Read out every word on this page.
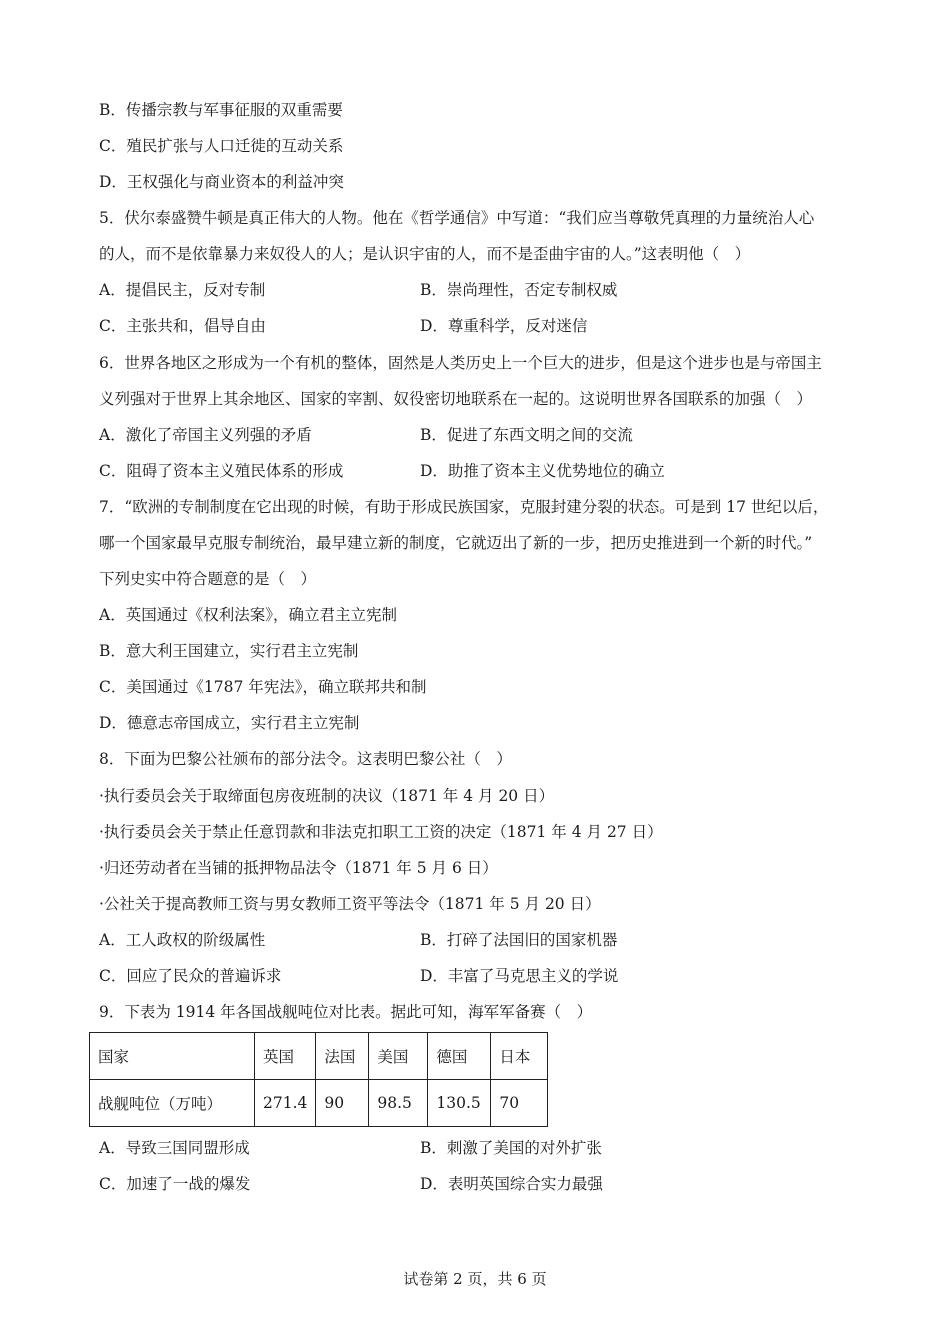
B．传播宗教与军事征服的双重需要
C．殖民扩张与人口迁徙的互动关系
D．王权强化与商业资本的利益冲突
5．伏尔泰盛赞牛顿是真正伟大的人物。他在《哲学通信》中写道：“我们应当尊敬凭真理的力量统治人心
的人，而不是依靠暴力来奴役人的人；是认识宇宙的人，而不是歪曲宇宙的人。”这表明他（　）
A．提倡民主，反对专制	B．崇尚理性，否定专制权威
C．主张共和，倡导自由	D．尊重科学，反对迷信
6．世界各地区之形成为一个有机的整体，固然是人类历史上一个巨大的进步，但是这个进步也是与帝国主
义列强对于世界上其余地区、国家的宰割、奴役密切地联系在一起的。这说明世界各国联系的加强（　）
A．激化了帝国主义列强的矛盾	B．促进了东西文明之间的交流
C．阻碍了资本主义殖民体系的形成	D．助推了资本主义优势地位的确立
7．“欧洲的专制制度在它出现的时候，有助于形成民族国家，克服封建分裂的状态。可是到 17 世纪以后，
哪一个国家最早克服专制统治，最早建立新的制度，它就迈出了新的一步，把历史推进到一个新的时代。”
下列史实中符合题意的是（　）
A．英国通过《权利法案》，确立君主立宪制
B．意大利王国建立，实行君主立宪制
C．美国通过《1787 年宪法》，确立联邦共和制
D．德意志帝国成立，实行君主立宪制
8．下面为巴黎公社颁布的部分法令。这表明巴黎公社（　）
·执行委员会关于取缔面包房夜班制的决议（1871 年 4 月 20 日）
·执行委员会关于禁止任意罚款和非法克扣职工工资的决定（1871 年 4 月 27 日）
·归还劳动者在当铺的抵押物品法令（1871 年 5 月 6 日）
·公社关于提高教师工资与男女教师工资平等法令（1871 年 5 月 20 日）
A．工人政权的阶级属性	B．打碎了法国旧的国家机器
C．回应了民众的普遍诉求	D．丰富了马克思主义的学说
9．下表为 1914 年各国战舰吨位对比表。据此可知，海军军备赛（　）
国家	英国	法国	美国	德国	日本
战舰吨位（万吨）	271.4	90	98.5	130.5	70
A．导致三国同盟形成	B．刺激了美国的对外扩张
C．加速了一战的爆发	D．表明英国综合实力最强
试卷第 2 页，共 6 页
